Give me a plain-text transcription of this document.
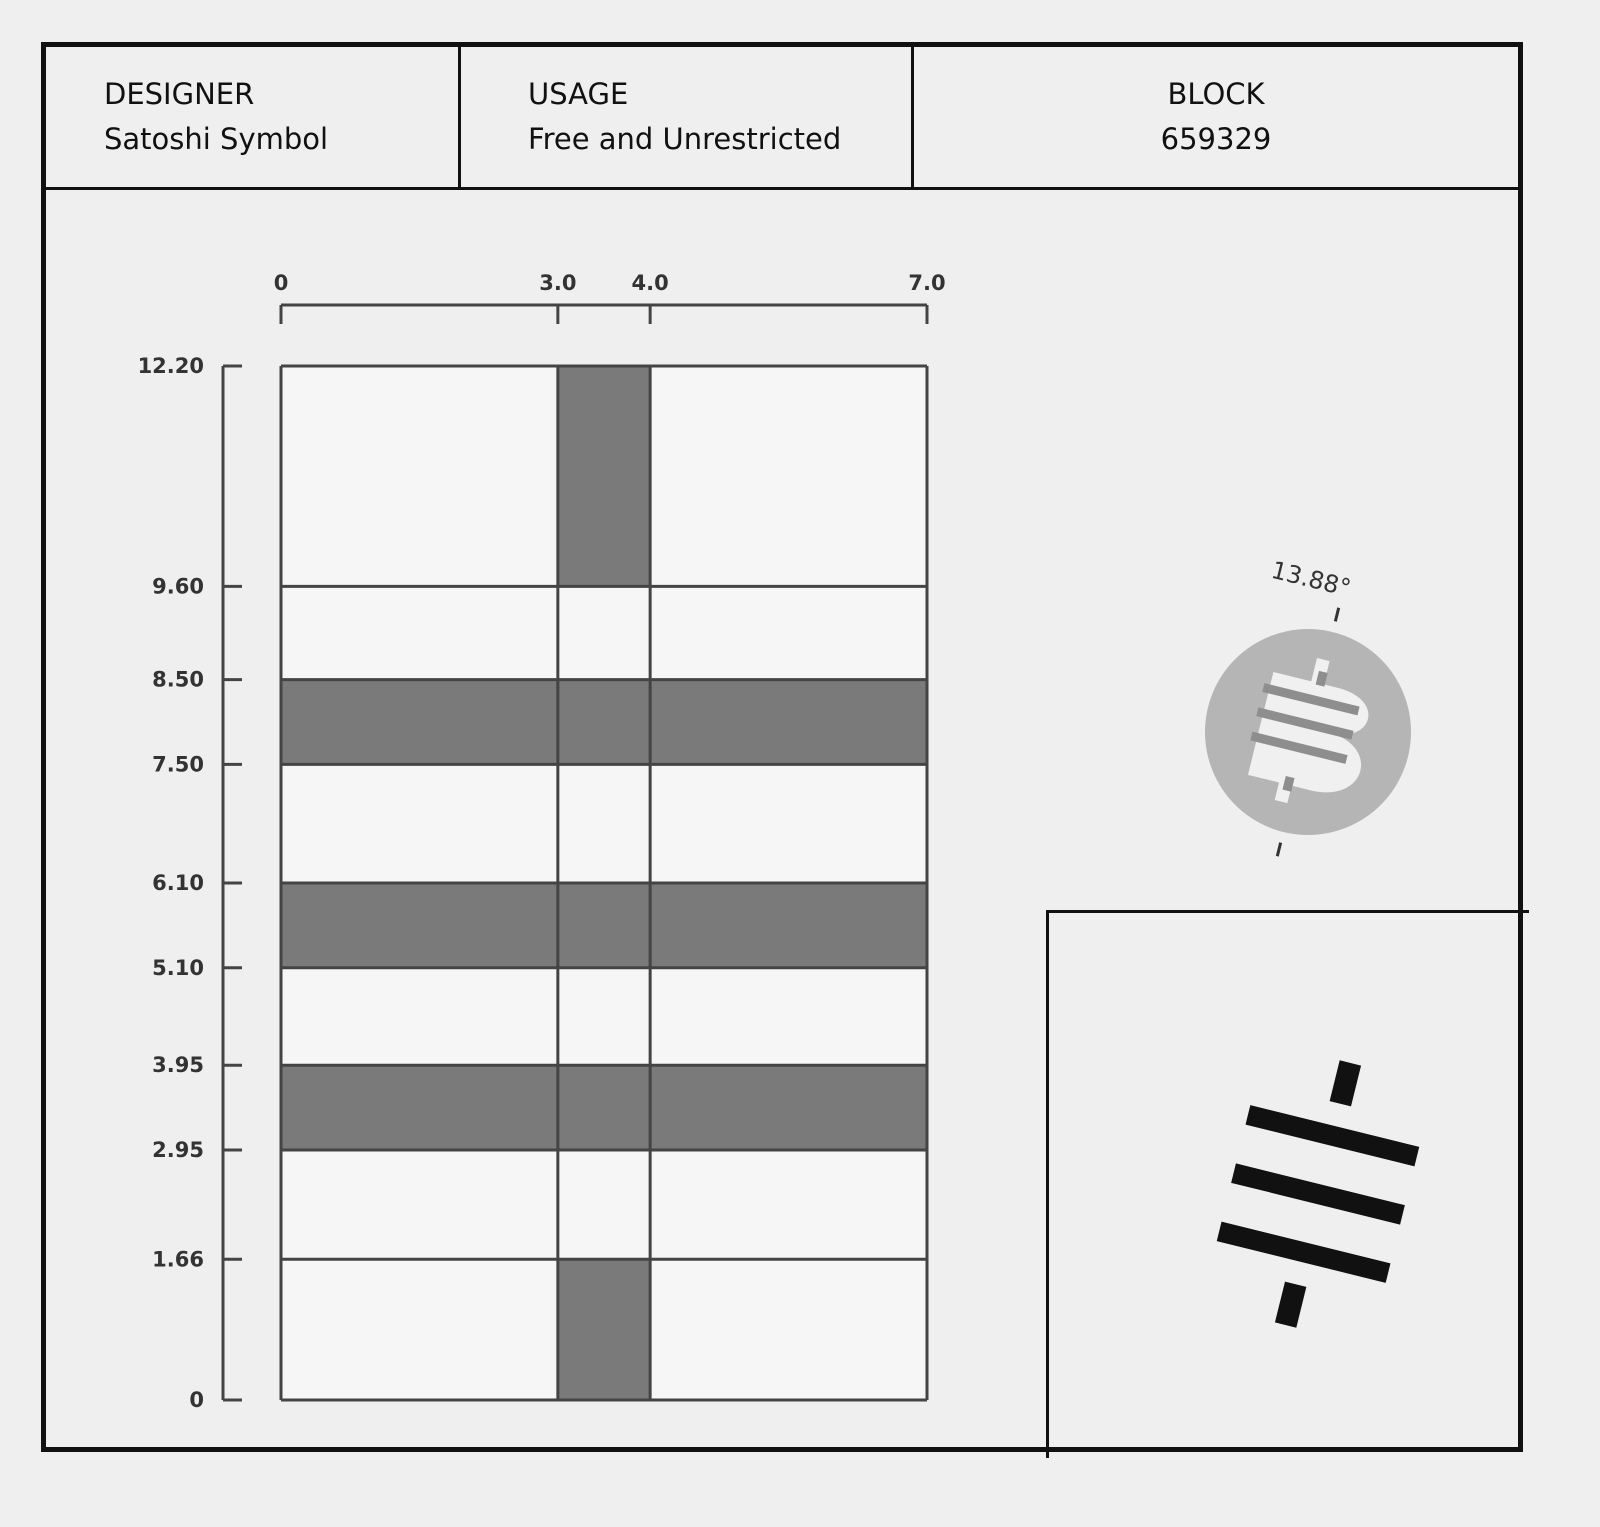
DESIGNER
Satoshi Symbol
USAGE
Free and Unrestricted
BLOCK
659329
0	3.0	4.0	7.0
12.20
9.60
8.50
7.50
6.10
5.10
3.95
2.95
1.66
0
13.88°
